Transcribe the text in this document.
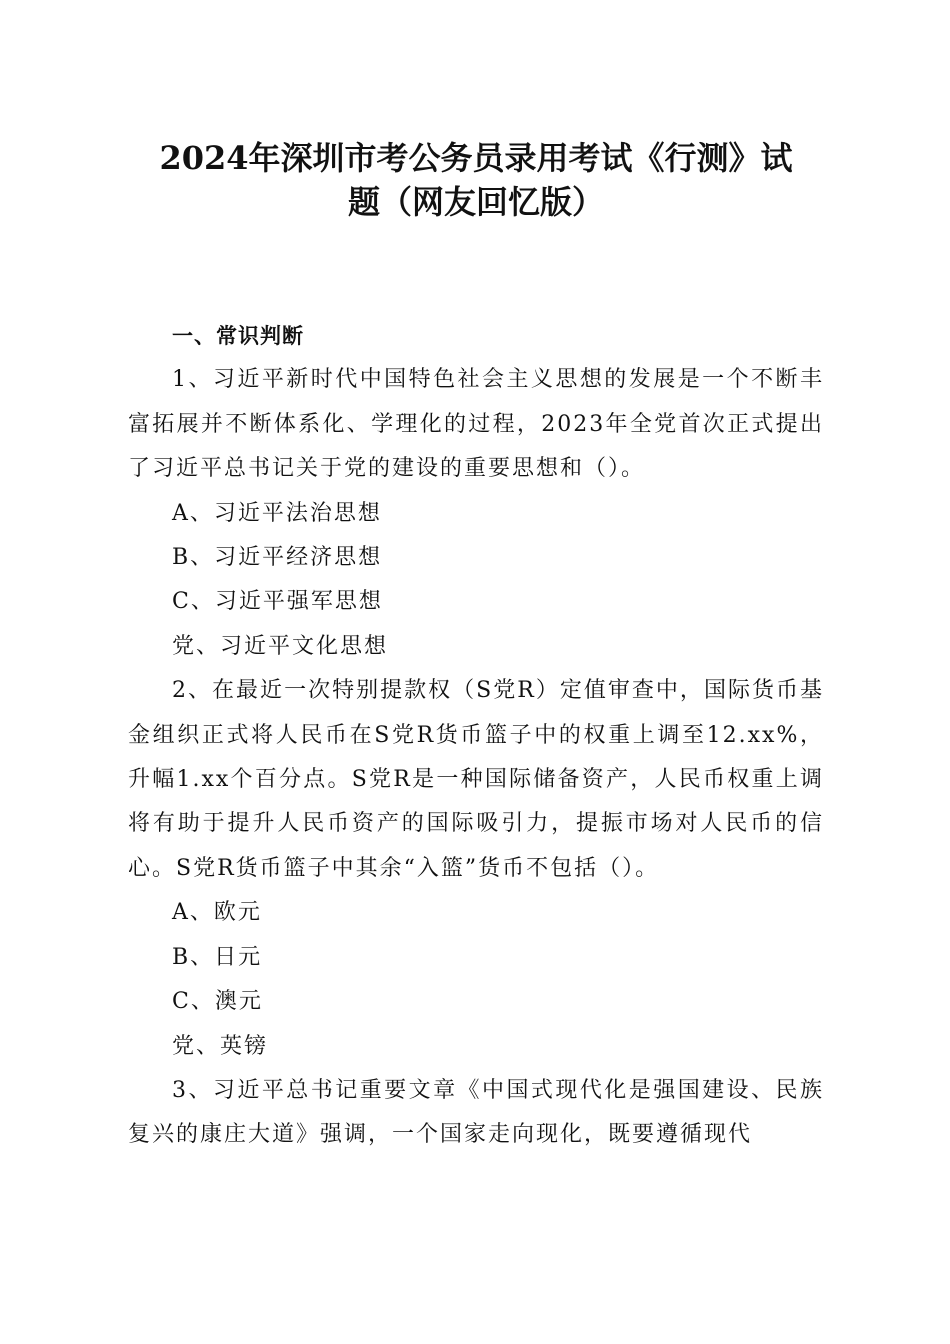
2024年深圳市考公务员录用考试《行测》试
题（网友回忆版）

一、常识判断

1、习近平新时代中国特色社会主义思想的发展是一个不断丰富拓展并不断体系化、学理化的过程，2023年全党首次正式提出了习近平总书记关于党的建设的重要思想和（）。

A、习近平法治思想

B、习近平经济思想

C、习近平强军思想

党、习近平文化思想

2、在最近一次特别提款权（S党R）定值审查中，国际货币基金组织正式将人民币在S党R货币篮子中的权重上调至12.xx%，升幅1.xx个百分点。S党R是一种国际储备资产，人民币权重上调将有助于提升人民币资产的国际吸引力，提振市场对人民币的信心。S党R货币篮子中其余“入篮”货币不包括（）。

A、欧元

B、日元

C、澳元

党、英镑

3、习近平总书记重要文章《中国式现代化是强国建设、民族复兴的康庄大道》强调，一个国家走向现化，既要遵循现代
